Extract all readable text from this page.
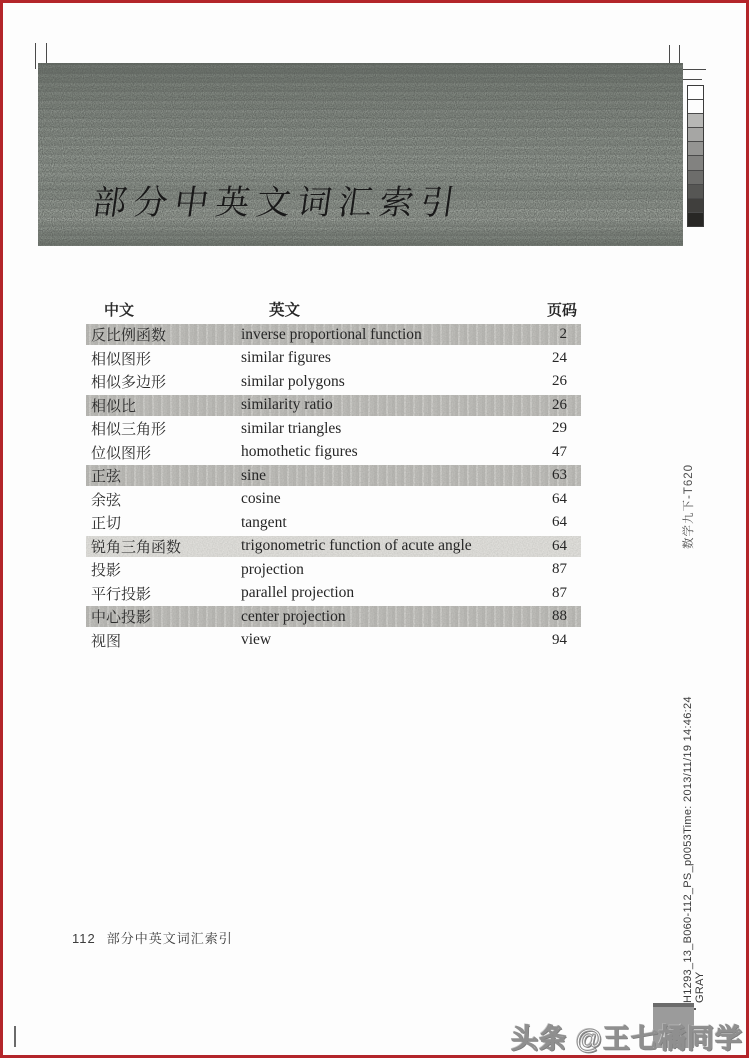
部分中英文词汇索引
中文	英文	页码
反比例函数	inverse proportional function	2
相似图形	similar figures	24
相似多边形	similar polygons	26
相似比	similarity ratio	26
相似三角形	similar triangles	29
位似图形	homothetic figures	47
正弦	sine	63
余弦	cosine	64
正切	tangent	64
锐角三角函数	trigonometric function of acute angle	64
投影	projection	87
平行投影	parallel projection	87
中心投影	center projection	88
视图	view	94
数学九下-T620
H1293_13_B060-112_PS_p0053Time: 2013/11/19 14:46:24 GRAY
112 部分中英文词汇索引
头条 @王七橘同学
